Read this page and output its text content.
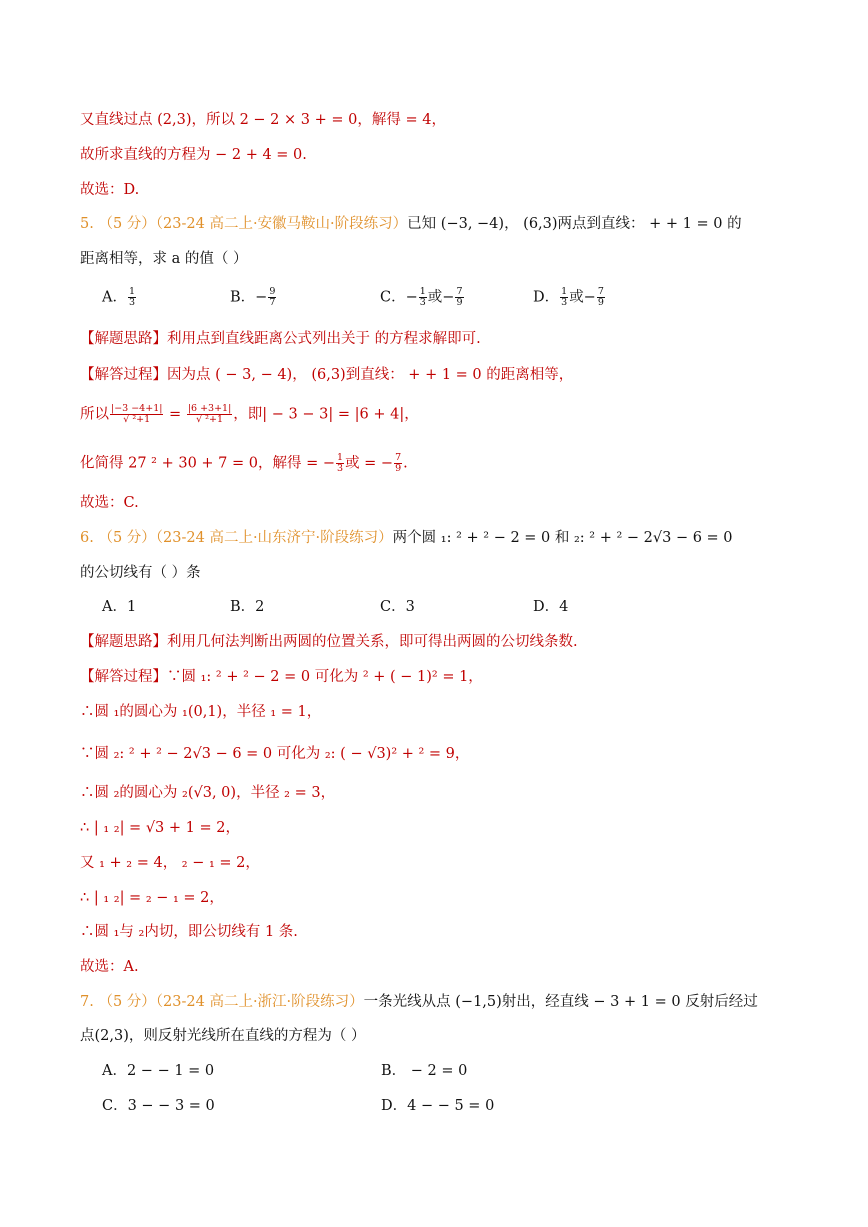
又直线过点 (2,3)，所以 2 − 2 × 3 + = 0，解得 = 4，
故所求直线的方程为 − 2 + 4 = 0.
故选：D.
5. （5 分）（23-24 高二上·安徽马鞍山·阶段练习）已知 (−3, −4)， (6,3)两点到直线： + + 1 = 0 的
距离相等，求 a 的值（ ）
A． $\frac{1}{3}$	B．− $\frac{9}{7}$	C．− $\frac{1}{3}$ 或− $\frac{7}{9}$	D． $\frac{1}{3}$ 或− $\frac{7}{9}$
【解题思路】利用点到直线距离公式列出关于 的方程求解即可.
【解答过程】因为点 ( − 3, − 4)， (6,3)到直线： + + 1 = 0 的距离相等，
所以 $\frac{|-3 -4+1|}{\text{√ ²+1}} = \frac{|6 +3+1|}{\text{√ ²+1}}$ ，即| − 3 − 3| = |6 + 4|，
化简得 27 ² + 30 + 7 = 0，解得 = − $\frac{1}{3}$ 或 = − $\frac{7}{9}$ .
故选：C.
6. （5 分）（23-24 高二上·山东济宁·阶段练习）两个圆 ₁: ² + ² − 2 = 0 和 ₂: ² + ² − 2√3 − 6 = 0
的公切线有（ ）条
A．1	B．2	C．3	D．4
【解题思路】利用几何法判断出两圆的位置关系，即可得出两圆的公切线条数.
【解答过程】∵圆 ₁: ² + ² − 2 = 0 可化为 ² + ( − 1)² = 1，
∴圆 ₁的圆心为 ₁(0,1)，半径 ₁ = 1，
∵圆 ₂: ² + ² − 2√3 − 6 = 0 可化为 ₂: ( − √3)² + ² = 9，
∴圆 ₂的圆心为 ₂(√3, 0)，半径 ₂ = 3，
∴ | ₁ ₂| = √3 + 1 = 2，
又 ₁ + ₂ = 4， ₂ − ₁ = 2，
∴ | ₁ ₂| = ₂ − ₁ = 2，
∴圆 ₁与 ₂内切，即公切线有 1 条.
故选：A.
7. （5 分）（23-24 高二上·浙江·阶段练习）一条光线从点 (−1,5)射出，经直线 − 3 + 1 = 0 反射后经过
点(2,3)，则反射光线所在直线的方程为（ ）
A．2 − − 1 = 0	B． − 2 = 0
C．3 − − 3 = 0	D．4 − − 5 = 0
